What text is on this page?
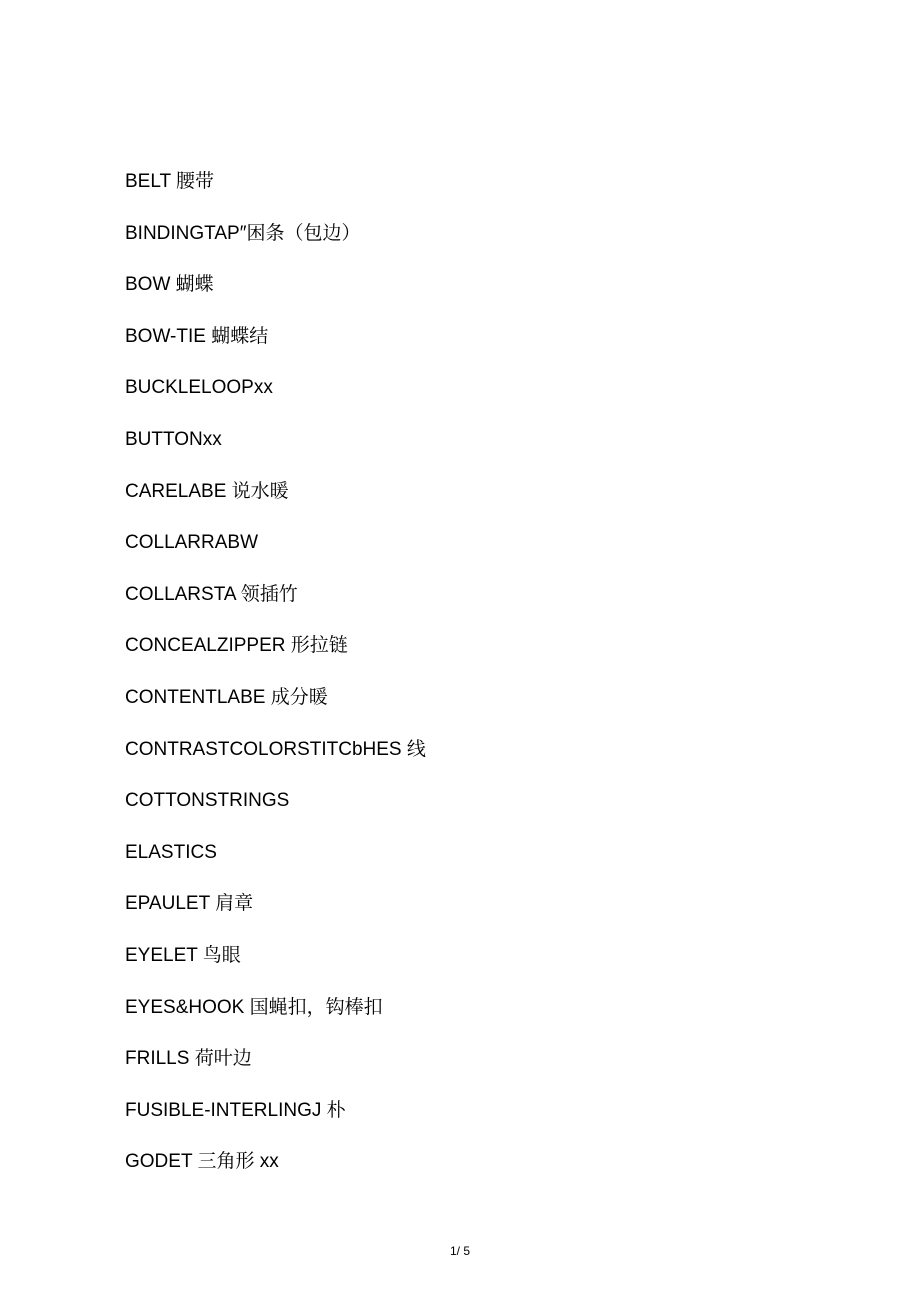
BELT 腰带
BINDINGTAP″困条（包边）
BOW 蝴蝶
BOW-TIE 蝴蝶结
BUCKLELOOPxx
BUTTONxx
CARELABE 说水暖
COLLARRABW
COLLARSTA 领插竹
CONCEALZIPPER 形拉链
CONTENTLABE 成分暖
CONTRASTCOLORSTITCbHES 线
COTTONSTRINGS
ELASTICS
EPAULET 肩章
EYELET 鸟眼
EYES&HOOK 国蝇扣，钩棒扣
FRILLS 荷叶边
FUSIBLE-INTERLINGJ 朴
GODET 三角形 xx
1/ 5
